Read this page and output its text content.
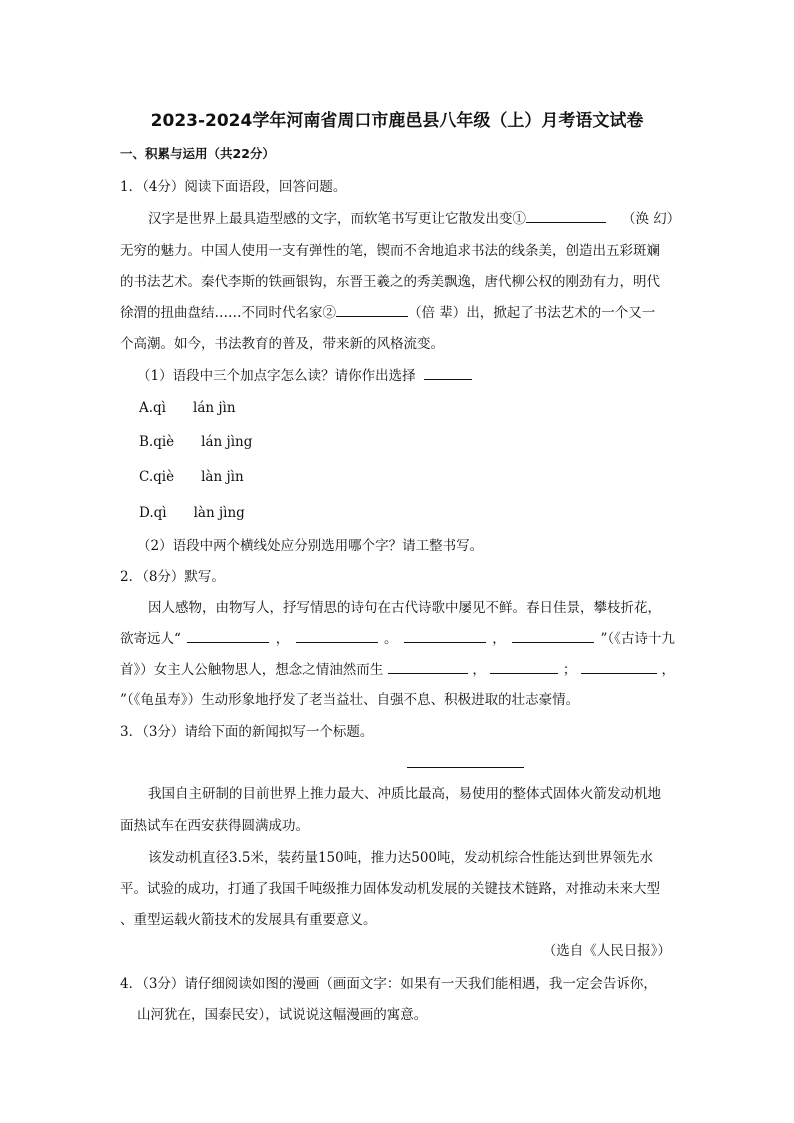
2023-2024学年河南省周口市鹿邑县八年级（上）月考语文试卷
一、积累与运用（共22分）
1．（4分）阅读下面语段，回答问题。
汉字是世界上最具造型感的文字，而软笔书写更让它散发出变①	（涣 幻）
无穷的魅力。中国人使用一支有弹性的笔，锲而不舍地追求书法的线条美，创造出五彩斑斓
的书法艺术。秦代李斯的铁画银钩，东晋王羲之的秀美飘逸，唐代柳公权的刚劲有力，明代
徐渭的扭曲盘结……不同时代名家②	（倍 辈）出，掀起了书法艺术的一个又一
个高潮。如今，书法教育的普及，带来新的风格流变。
（1）语段中三个加点字怎么读？请你作出选择
A.qì　　lán jìn
B.qiè　　lán jìng
C.qiè　　làn jìn
D.qì　　làn jìng
（2）语段中两个横线处应分别选用哪个字？请工整书写。
2．（8分）默写。
因人感物，由物写人，抒写情思的诗句在古代诗歌中屡见不鲜。春日佳景，攀枝折花，
欲寄远人“	，	。	，	”（《古诗十九
首》）女主人公触物思人，想念之情油然而生	，	；	，
”（《龟虽寿》）生动形象地抒发了老当益壮、自强不息、积极进取的壮志豪情。
3．（3分）请给下面的新闻拟写一个标题。
我国自主研制的目前世界上推力最大、冲质比最高，易使用的整体式固体火箭发动机地
面热试车在西安获得圆满成功。
该发动机直径3.5米，装药量150吨，推力达500吨，发动机综合性能达到世界领先水
平。试验的成功，打通了我国千吨级推力固体发动机发展的关键技术链路，对推动未来大型
、重型运载火箭技术的发展具有重要意义。
（选自《人民日报》）
4．（3分）请仔细阅读如图的漫画（画面文字：如果有一天我们能相遇，我一定会告诉你，
山河犹在，国泰民安），试说说这幅漫画的寓意。
